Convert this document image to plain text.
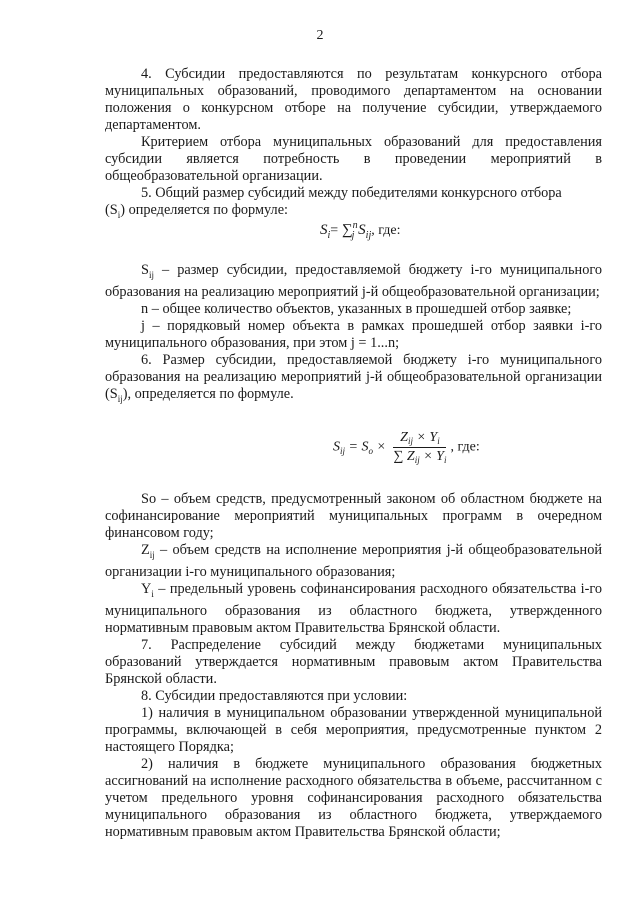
2

4. Субсидии предоставляются по результатам конкурсного отбора муниципальных образований, проводимого департаментом на основании положения о конкурсном отборе на получение субсидии, утверждаемого департаментом.

Критерием отбора муниципальных образований для предоставления субсидии является потребность в проведении мероприятий в общеобразовательной организации.

5. Общий размер субсидий между победителями конкурсного отбора
$(S_i)$ определяется по формуле:

$S_i= \sum^n_j$ $S_{ij}$, где:

$S_{ij}$ – размер субсидии, предоставляемой бюджету i-го муниципального образования на реализацию мероприятий j-й общеобразовательной организации;

n – общее количество объектов, указанных в прошедшей отбор заявке;

j – порядковый номер объекта в рамках прошедшей отбор заявки i-го муниципального образования, при этом j = 1...n;

6. Размер субсидии, предоставляемой бюджету i-го муниципального образования на реализацию мероприятий j-й общеобразовательной организации $(S_{ij})$, определяется по формуле.

$S_{ij} = S_o \times \frac{Z_{ij} \times Y_i}{\sum Z_{ij} \times Y_i}$ , где:

So – объем средств, предусмотренный законом об областном бюджете на софинансирование мероприятий муниципальных программ в очередном финансовом году;

$Z_{ij}$ – объем средств на исполнение мероприятия j-й общеобразовательной организации i-го муниципального образования;

$Y_i$ – предельный уровень софинансирования расходного обязательства i-го муниципального образования из областного бюджета, утвержденного нормативным правовым актом Правительства Брянской области.

7. Распределение субсидий между бюджетами муниципальных образований утверждается нормативным правовым актом Правительства Брянской области.

8. Субсидии предоставляются при условии:

1) наличия в муниципальном образовании утвержденной муниципальной программы, включающей в себя мероприятия, предусмотренные пунктом 2 настоящего Порядка;

2) наличия в бюджете муниципального образования бюджетных ассигнований на исполнение расходного обязательства в объеме, рассчитанном с учетом предельного уровня софинансирования расходного обязательства муниципального образования из областного бюджета, утверждаемого нормативным правовым актом Правительства Брянской области;
